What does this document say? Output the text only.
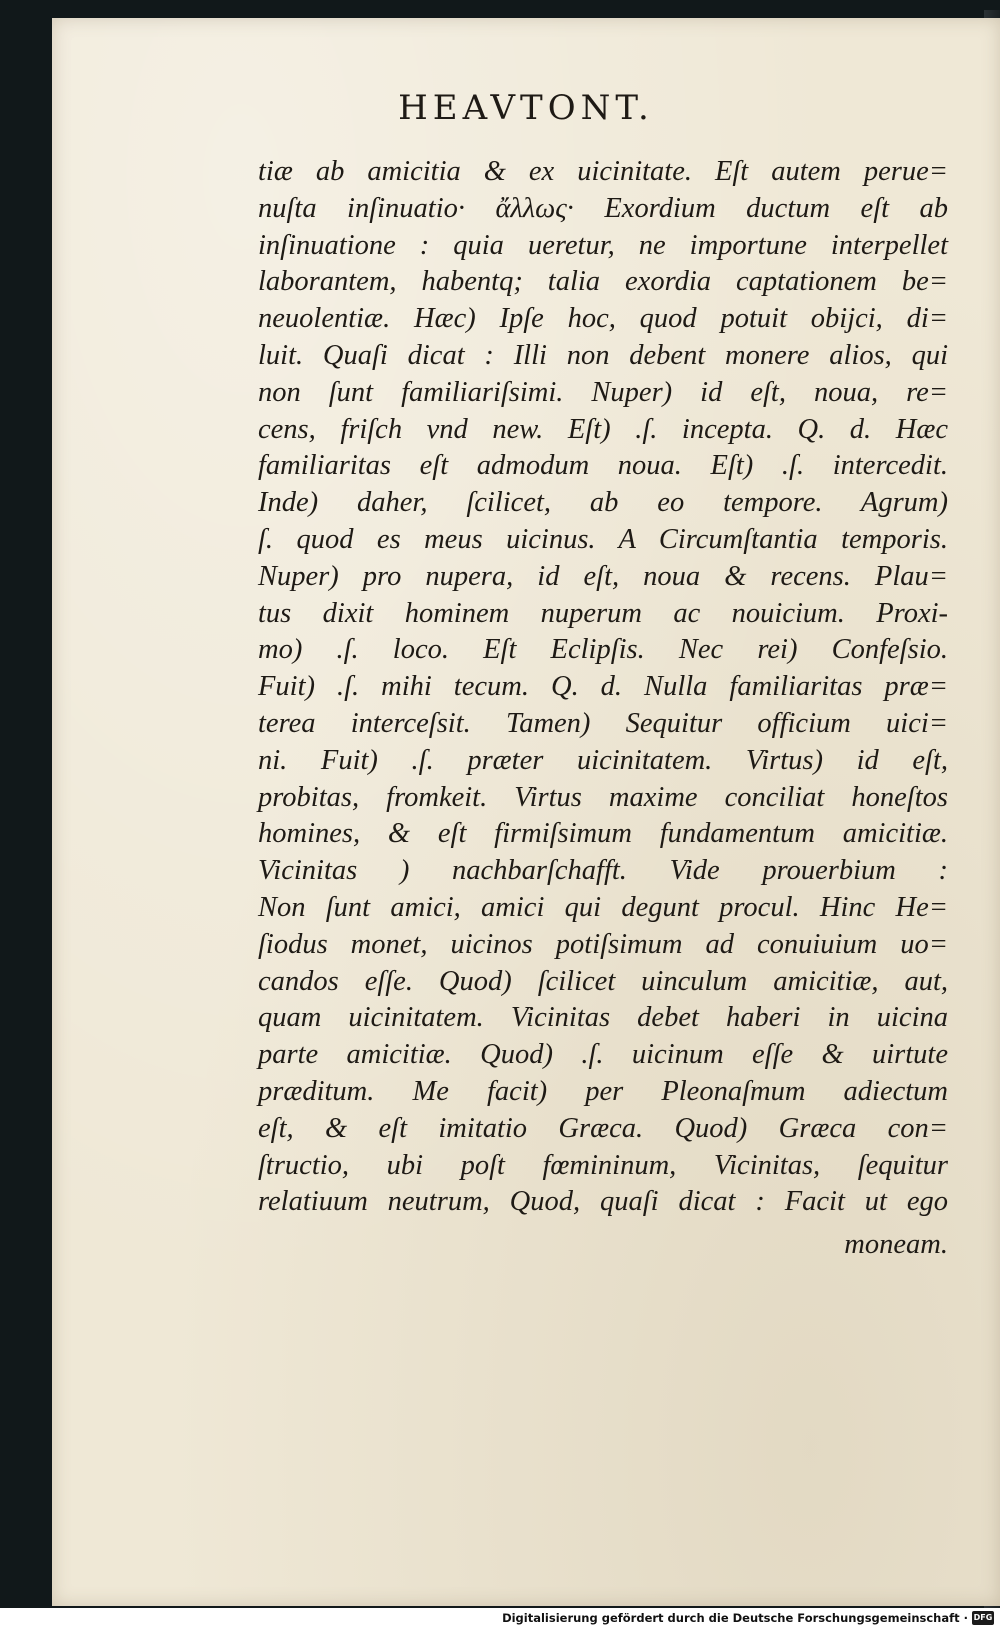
HEAVTONT.
tiæ ab amicitia & ex uicinitate. Eſt autem perue=
nuſta inſinuatio· ἄλλως· Exordium ductum eſt ab
inſinuatione : quia ueretur, ne importune interpellet
laborantem, habentq; talia exordia captationem be=
neuolentiæ. Hæc) Ipſe hoc, quod potuit obijci, di=
luit. Quaſi dicat : Illi non debent monere alios, qui
non ſunt familiariſsimi. Nuper) id eſt, noua, re=
cens, friſch vnd new. Eſt) .ſ. incepta. Q. d. Hæc
familiaritas eſt admodum noua. Eſt) .ſ. intercedit.
Inde) daher, ſcilicet, ab eo tempore. Agrum)
ſ. quod es meus uicinus. A Circumſtantia temporis.
Nuper) pro nupera, id eſt, noua & recens. Plau=
tus dixit hominem nuperum ac nouicium. Proxi-
mo) .ſ. loco. Eſt Eclipſis. Nec rei) Confeſsio.
Fuit) .ſ. mihi tecum. Q. d. Nulla familiaritas præ=
terea interceſsit. Tamen) Sequitur officium uici=
ni. Fuit) .ſ. præter uicinitatem. Virtus) id eſt,
probitas, fromkeit. Virtus maxime conciliat honeſtos
homines, & eſt firmiſsimum fundamentum amicitiæ.
Vicinitas ) nachbarſchafft. Vide prouerbium :
Non ſunt amici, amici qui degunt procul. Hinc He=
ſiodus monet, uicinos potiſsimum ad conuiuium uo=
candos eſſe. Quod) ſcilicet uinculum amicitiæ, aut,
quam uicinitatem. Vicinitas debet haberi in uicina
parte amicitiæ. Quod) .ſ. uicinum eſſe & uirtute
præditum. Me facit) per Pleonaſmum adiectum
eſt, & eſt imitatio Græca. Quod) Græca con=
ſtructio, ubi poſt fœmininum, Vicinitas, ſequitur
relatiuum neutrum, Quod, quaſi dicat : Facit ut ego
moneam.
Digitalisierung gefördert durch die Deutsche Forschungsgemeinschaft · DFG
